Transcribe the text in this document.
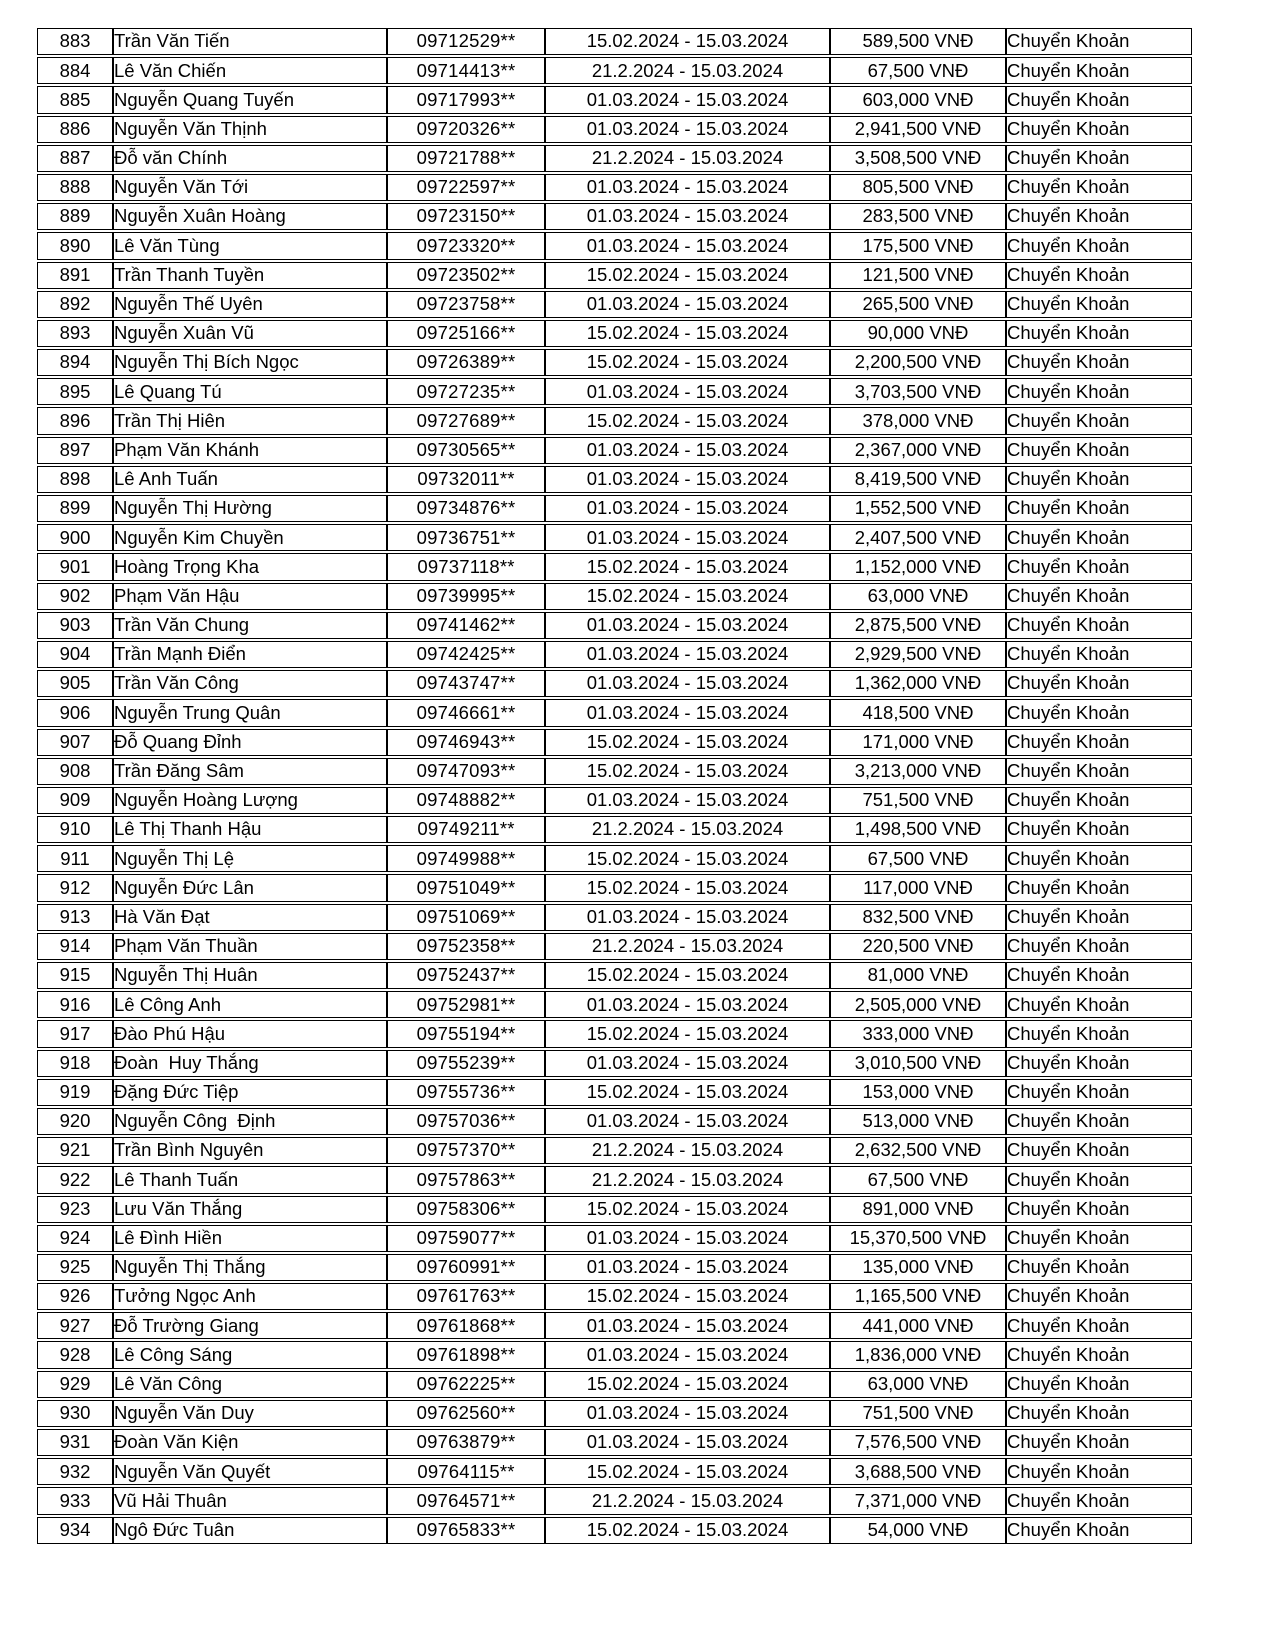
883	Trần Văn Tiến	09712529**	15.02.2024 - 15.03.2024	589,500 VNĐ	Chuyển Khoản
884	Lê Văn Chiến	09714413**	21.2.2024 - 15.03.2024	67,500 VNĐ	Chuyển Khoản
885	Nguyễn Quang Tuyến	09717993**	01.03.2024 - 15.03.2024	603,000 VNĐ	Chuyển Khoản
886	Nguyễn Văn Thịnh	09720326**	01.03.2024 - 15.03.2024	2,941,500 VNĐ	Chuyển Khoản
887	Đỗ văn Chính	09721788**	21.2.2024 - 15.03.2024	3,508,500 VNĐ	Chuyển Khoản
888	Nguyễn Văn Tới	09722597**	01.03.2024 - 15.03.2024	805,500 VNĐ	Chuyển Khoản
889	Nguyễn Xuân Hoàng	09723150**	01.03.2024 - 15.03.2024	283,500 VNĐ	Chuyển Khoản
890	Lê Văn Tùng	09723320**	01.03.2024 - 15.03.2024	175,500 VNĐ	Chuyển Khoản
891	Trần Thanh Tuyền	09723502**	15.02.2024 - 15.03.2024	121,500 VNĐ	Chuyển Khoản
892	Nguyễn Thế Uyên	09723758**	01.03.2024 - 15.03.2024	265,500 VNĐ	Chuyển Khoản
893	Nguyễn Xuân Vũ	09725166**	15.02.2024 - 15.03.2024	90,000 VNĐ	Chuyển Khoản
894	Nguyễn Thị Bích Ngọc	09726389**	15.02.2024 - 15.03.2024	2,200,500 VNĐ	Chuyển Khoản
895	Lê Quang Tú	09727235**	01.03.2024 - 15.03.2024	3,703,500 VNĐ	Chuyển Khoản
896	Trần Thị Hiên	09727689**	15.02.2024 - 15.03.2024	378,000 VNĐ	Chuyển Khoản
897	Phạm Văn Khánh	09730565**	01.03.2024 - 15.03.2024	2,367,000 VNĐ	Chuyển Khoản
898	Lê Anh Tuấn	09732011**	01.03.2024 - 15.03.2024	8,419,500 VNĐ	Chuyển Khoản
899	Nguyễn Thị Hường	09734876**	01.03.2024 - 15.03.2024	1,552,500 VNĐ	Chuyển Khoản
900	Nguyễn Kim Chuyền	09736751**	01.03.2024 - 15.03.2024	2,407,500 VNĐ	Chuyển Khoản
901	Hoàng Trọng Kha	09737118**	15.02.2024 - 15.03.2024	1,152,000 VNĐ	Chuyển Khoản
902	Phạm Văn Hậu	09739995**	15.02.2024 - 15.03.2024	63,000 VNĐ	Chuyển Khoản
903	Trần Văn Chung	09741462**	01.03.2024 - 15.03.2024	2,875,500 VNĐ	Chuyển Khoản
904	Trần Mạnh Điển	09742425**	01.03.2024 - 15.03.2024	2,929,500 VNĐ	Chuyển Khoản
905	Trần Văn Công	09743747**	01.03.2024 - 15.03.2024	1,362,000 VNĐ	Chuyển Khoản
906	Nguyễn Trung Quân	09746661**	01.03.2024 - 15.03.2024	418,500 VNĐ	Chuyển Khoản
907	Đỗ Quang Đỉnh	09746943**	15.02.2024 - 15.03.2024	171,000 VNĐ	Chuyển Khoản
908	Trần Đăng Sâm	09747093**	15.02.2024 - 15.03.2024	3,213,000 VNĐ	Chuyển Khoản
909	Nguyễn Hoàng Lượng	09748882**	01.03.2024 - 15.03.2024	751,500 VNĐ	Chuyển Khoản
910	Lê Thị Thanh Hậu	09749211**	21.2.2024 - 15.03.2024	1,498,500 VNĐ	Chuyển Khoản
911	Nguyễn Thị Lệ	09749988**	15.02.2024 - 15.03.2024	67,500 VNĐ	Chuyển Khoản
912	Nguyễn Đức Lân	09751049**	15.02.2024 - 15.03.2024	117,000 VNĐ	Chuyển Khoản
913	Hà Văn Đạt	09751069**	01.03.2024 - 15.03.2024	832,500 VNĐ	Chuyển Khoản
914	Phạm Văn Thuần	09752358**	21.2.2024 - 15.03.2024	220,500 VNĐ	Chuyển Khoản
915	Nguyễn Thị Huân	09752437**	15.02.2024 - 15.03.2024	81,000 VNĐ	Chuyển Khoản
916	Lê Công Anh	09752981**	01.03.2024 - 15.03.2024	2,505,000 VNĐ	Chuyển Khoản
917	Đào Phú Hậu	09755194**	15.02.2024 - 15.03.2024	333,000 VNĐ	Chuyển Khoản
918	Đoàn  Huy Thắng	09755239**	01.03.2024 - 15.03.2024	3,010,500 VNĐ	Chuyển Khoản
919	Đặng Đức Tiệp	09755736**	15.02.2024 - 15.03.2024	153,000 VNĐ	Chuyển Khoản
920	Nguyễn Công  Định	09757036**	01.03.2024 - 15.03.2024	513,000 VNĐ	Chuyển Khoản
921	Trần Bình Nguyên	09757370**	21.2.2024 - 15.03.2024	2,632,500 VNĐ	Chuyển Khoản
922	Lê Thanh Tuấn	09757863**	21.2.2024 - 15.03.2024	67,500 VNĐ	Chuyển Khoản
923	Lưu Văn Thắng	09758306**	15.02.2024 - 15.03.2024	891,000 VNĐ	Chuyển Khoản
924	Lê Đình Hiền	09759077**	01.03.2024 - 15.03.2024	15,370,500 VNĐ	Chuyển Khoản
925	Nguyễn Thị Thắng	09760991**	01.03.2024 - 15.03.2024	135,000 VNĐ	Chuyển Khoản
926	Tưởng Ngọc Anh	09761763**	15.02.2024 - 15.03.2024	1,165,500 VNĐ	Chuyển Khoản
927	Đỗ Trường Giang	09761868**	01.03.2024 - 15.03.2024	441,000 VNĐ	Chuyển Khoản
928	Lê Công Sáng	09761898**	01.03.2024 - 15.03.2024	1,836,000 VNĐ	Chuyển Khoản
929	Lê Văn Công	09762225**	15.02.2024 - 15.03.2024	63,000 VNĐ	Chuyển Khoản
930	Nguyễn Văn Duy	09762560**	01.03.2024 - 15.03.2024	751,500 VNĐ	Chuyển Khoản
931	Đoàn Văn Kiện	09763879**	01.03.2024 - 15.03.2024	7,576,500 VNĐ	Chuyển Khoản
932	Nguyễn Văn Quyết	09764115**	15.02.2024 - 15.03.2024	3,688,500 VNĐ	Chuyển Khoản
933	Vũ Hải Thuân	09764571**	21.2.2024 - 15.03.2024	7,371,000 VNĐ	Chuyển Khoản
934	Ngô Đức Tuân	09765833**	15.02.2024 - 15.03.2024	54,000 VNĐ	Chuyển Khoản
